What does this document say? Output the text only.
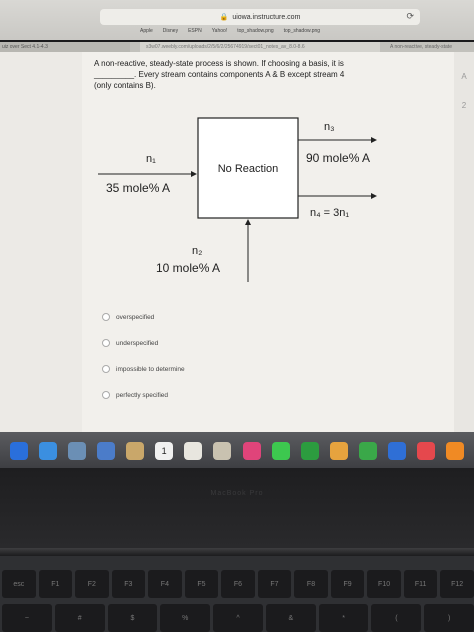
🔒 uiowa.instructure.com	⟳
Apple Disney ESPN Yahoo! top_shadow.png top_shadow.png
uiz over Sect 4.1-4.3	s3w07.weebly.com/uploads/2/5/6/2/25674919/sect01_notes_av_8.0-8.6	A non-reactive, steady-state
A
2
A non-reactive, steady-state process is shown. If choosing a basis, it is
_________. Every stream contains components A & B except stream 4
(only contains B).
No Reaction
n₁
35 mole% A
n₃
90 mole% A
n₄ = 3n₁
n₂
10 mole% A
overspecified
underspecified
impossible to determine
perfectly specified
1
MacBook Pro
esc	F1	F2	F3	F4	F5	F6	F7	F8	F9	F10	F11	F12
~	#	$	%	^	&	*	(	)
